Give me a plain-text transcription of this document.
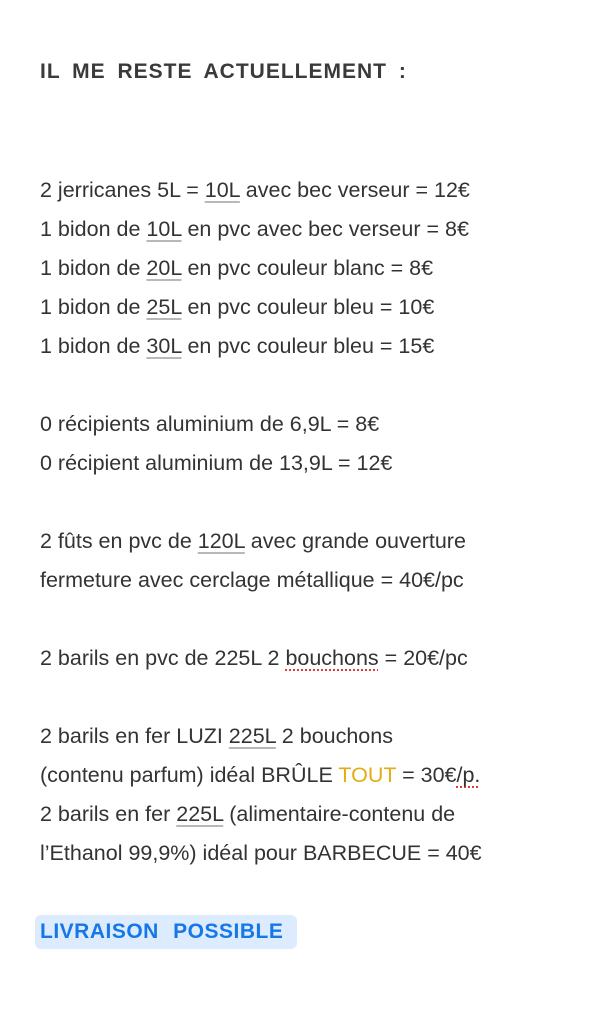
IL ME RESTE ACTUELLEMENT :
2 jerricanes 5L = 10L avec bec verseur = 12€
1 bidon de 10L en pvc avec bec verseur = 8€
1 bidon de 20L en pvc couleur blanc = 8€
1 bidon de 25L en pvc couleur bleu = 10€
1 bidon de 30L en pvc couleur bleu = 15€
0 récipients aluminium de 6,9L = 8€
0 récipient aluminium de 13,9L = 12€
2 fûts en pvc de 120L avec grande ouverture
fermeture avec cerclage métallique = 40€/pc
2 barils en pvc de 225L 2 bouchons = 20€/pc
2 barils en fer LUZI 225L 2 bouchons
(contenu parfum) idéal BRÛLE TOUT = 30€/p.
2 barils en fer 225L (alimentaire-contenu de
l’Ethanol 99,9%) idéal pour BARBECUE = 40€
LIVRAISON POSSIBLE
